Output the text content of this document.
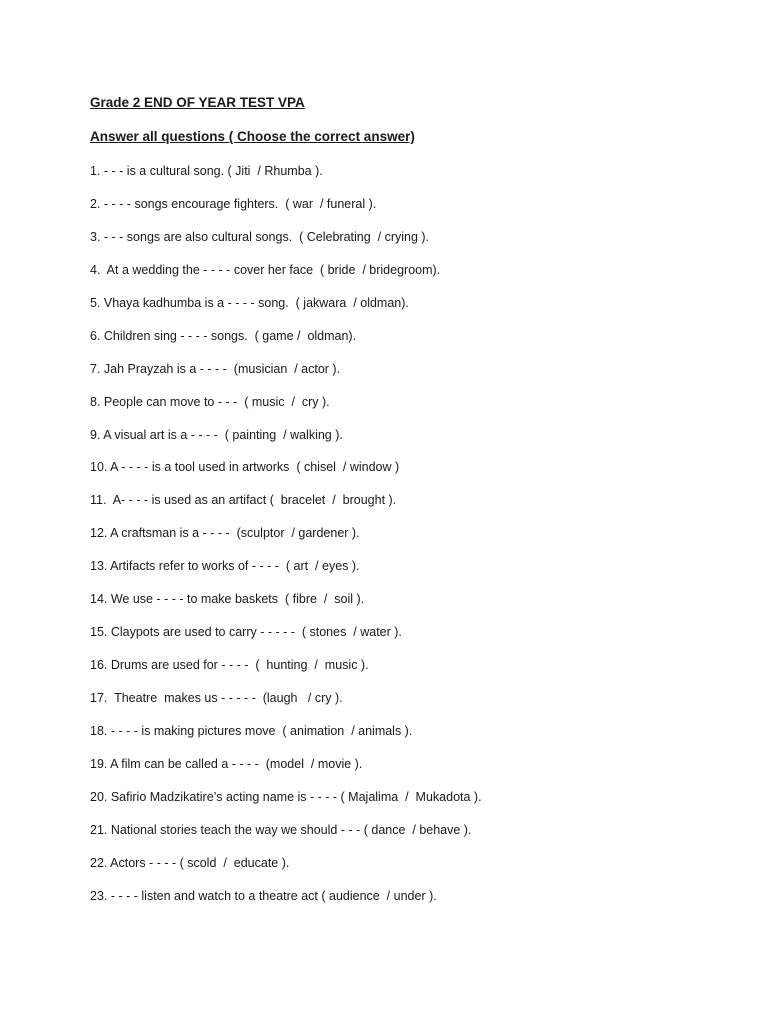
Grade 2 END OF YEAR TEST VPA
Answer all questions ( Choose the correct answer)
1. - - - is a cultural song. ( Jiti  / Rhumba ).
2. - - - - songs encourage fighters.  ( war  / funeral ).
3. - - - songs are also cultural songs.  ( Celebrating  / crying ).
4.  At a wedding the - - - - cover her face  ( bride  / bridegroom).
5. Vhaya kadhumba is a - - - - song.  ( jakwara  / oldman).
6. Children sing - - - - songs.  ( game /  oldman).
7. Jah Prayzah is a - - - -  (musician  / actor ).
8. People can move to - - -  ( music  /  cry ).
9. A visual art is a - - - -  ( painting  / walking ).
10. A - - - - is a tool used in artworks  ( chisel  / window )
11.  A- - - - is used as an artifact (  bracelet  /  brought ).
12. A craftsman is a - - - -  (sculptor  / gardener ).
13. Artifacts refer to works of - - - -  ( art  / eyes ).
14. We use - - - - to make baskets  ( fibre  /  soil ).
15. Claypots are used to carry - - - - -  ( stones  / water ).
16. Drums are used for - - - -  (  hunting  /  music ).
17.  Theatre  makes us - - - - -  (laugh   / cry ).
18. - - - - is making pictures move  ( animation  / animals ).
19. A film can be called a - - - -  (model  / movie ).
20. Safirio Madzikatire’s acting name is - - - - ( Majalima  /  Mukadota ).
21. National stories teach the way we should - - - ( dance  / behave ).
22. Actors - - - - ( scold  /  educate ).
23. - - - - listen and watch to a theatre act ( audience  / under ).
